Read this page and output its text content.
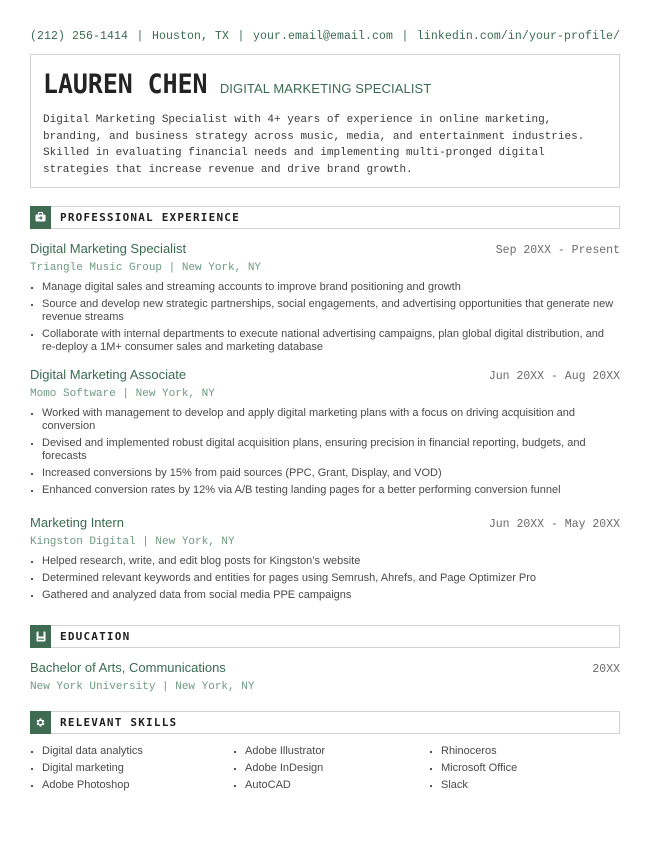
(212) 256-1414 | Houston, TX | your.email@email.com | linkedin.com/in/your-profile/
LAUREN CHEN DIGITAL MARKETING SPECIALIST

Digital Marketing Specialist with 4+ years of experience in online marketing, branding, and business strategy across music, media, and entertainment industries. Skilled in evaluating financial needs and implementing multi-pronged digital strategies that increase revenue and drive brand growth.

PROFESSIONAL EXPERIENCE
Digital Marketing Specialist	Sep 20XX - Present
Triangle Music Group | New York, NY
Manage digital sales and streaming accounts to improve brand positioning and growth
Source and develop new strategic partnerships, social engagements, and advertising opportunities that generate new revenue streams
Collaborate with internal departments to execute national advertising campaigns, plan global digital distribution, and re-deploy a 1M+ consumer sales and marketing database
Digital Marketing Associate	Jun 20XX - Aug 20XX
Momo Software | New York, NY
Worked with management to develop and apply digital marketing plans with a focus on driving acquisition and conversion
Devised and implemented robust digital acquisition plans, ensuring precision in financial reporting, budgets, and forecasts
Increased conversions by 15% from paid sources (PPC, Grant, Display, and VOD)
Enhanced conversion rates by 12% via A/B testing landing pages for a better performing conversion funnel
Marketing Intern	Jun 20XX - May 20XX
Kingston Digital | New York, NY
Helped research, write, and edit blog posts for Kingston’s website
Determined relevant keywords and entities for pages using Semrush, Ahrefs, and Page Optimizer Pro
Gathered and analyzed data from social media PPE campaigns
EDUCATION
Bachelor of Arts, Communications	20XX
New York University | New York, NY
RELEVANT SKILLS
Digital data analytics
Digital marketing
Adobe Photoshop
Adobe Illustrator
Adobe InDesign
AutoCAD
Rhinoceros
Microsoft Office
Slack
